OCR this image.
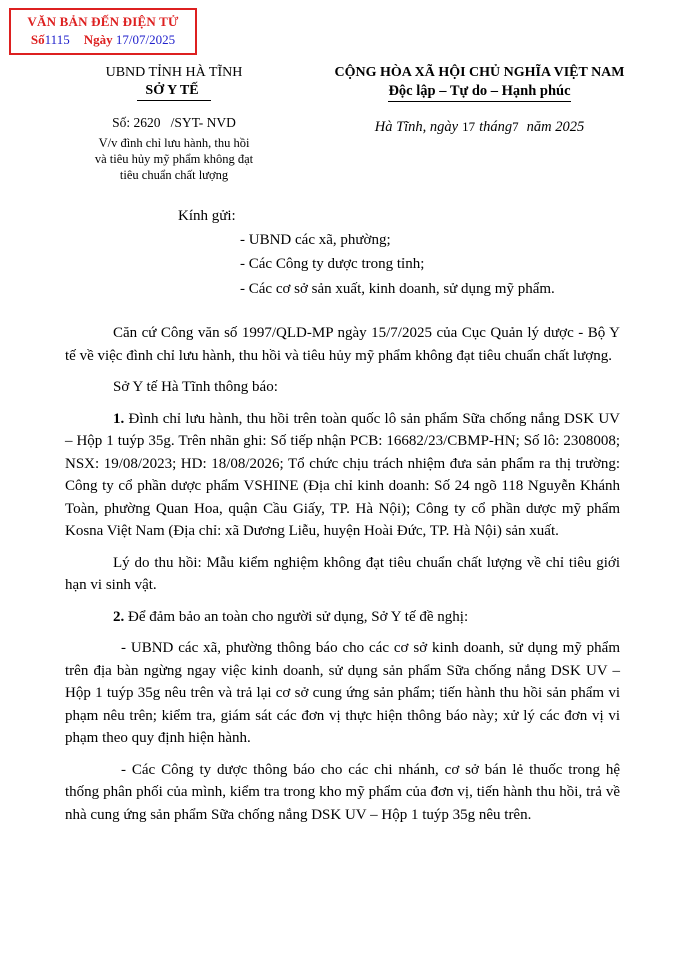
VĂN BẢN ĐẾN ĐIỆN TỬ
Số1115 Ngày 17/07/2025
UBND TỈNH HÀ TĨNH
SỞ Y TẾ
Số: 2620   /SYT- NVD
V/v đình chỉ lưu hành, thu hồi
và tiêu hủy mỹ phẩm không đạt
tiêu chuẩn chất lượng
CỘNG HÒA XÃ HỘI CHỦ NGHĨA VIỆT NAM
Độc lập – Tự do – Hạnh phúc
Hà Tĩnh, ngày 17 tháng7 năm 2025
Kính gửi:
- UBND các xã, phường;
- Các Công ty dược trong tỉnh;
- Các cơ sở sản xuất, kinh doanh, sử dụng mỹ phẩm.

Căn cứ Công văn số 1997/QLD-MP ngày 15/7/2025 của Cục Quản lý dược - Bộ Y tế về việc đình chỉ lưu hành, thu hồi và tiêu hủy mỹ phẩm không đạt tiêu chuẩn chất lượng.

Sở Y tế Hà Tĩnh thông báo:

1. Đình chỉ lưu hành, thu hồi trên toàn quốc lô sản phẩm Sữa chống nắng DSK UV – Hộp 1 tuýp 35g. Trên nhãn ghi: Số tiếp nhận PCB: 16682/23/CBMP-HN; Số lô: 2308008; NSX: 19/08/2023; HD: 18/08/2026; Tổ chức chịu trách nhiệm đưa sản phẩm ra thị trường: Công ty cổ phần dược phẩm VSHINE (Địa chỉ kinh doanh: Số 24 ngõ 118 Nguyễn Khánh Toàn, phường Quan Hoa, quận Cầu Giấy, TP. Hà Nội); Công ty cổ phần dược mỹ phẩm Kosna Việt Nam (Địa chỉ: xã Dương Liễu, huyện Hoài Đức, TP. Hà Nội) sản xuất.

Lý do thu hồi: Mẫu kiểm nghiệm không đạt tiêu chuẩn chất lượng về chỉ tiêu giới hạn vi sinh vật.

2. Để đảm bảo an toàn cho người sử dụng, Sở Y tế đề nghị:

- UBND các xã, phường thông báo cho các cơ sở kinh doanh, sử dụng mỹ phẩm trên địa bàn ngừng ngay việc kinh doanh, sử dụng sản phẩm Sữa chống nắng DSK UV – Hộp 1 tuýp 35g nêu trên và trả lại cơ sở cung ứng sản phẩm; tiến hành thu hồi sản phẩm vi phạm nêu trên; kiểm tra, giám sát các đơn vị thực hiện thông báo này; xử lý các đơn vị vi phạm theo quy định hiện hành.

- Các Công ty dược thông báo cho các chi nhánh, cơ sở bán lẻ thuốc trong hệ thống phân phối của mình, kiểm tra trong kho mỹ phẩm của đơn vị, tiến hành thu hồi, trả về nhà cung ứng sản phẩm Sữa chống nắng DSK UV – Hộp 1 tuýp 35g nêu trên.
